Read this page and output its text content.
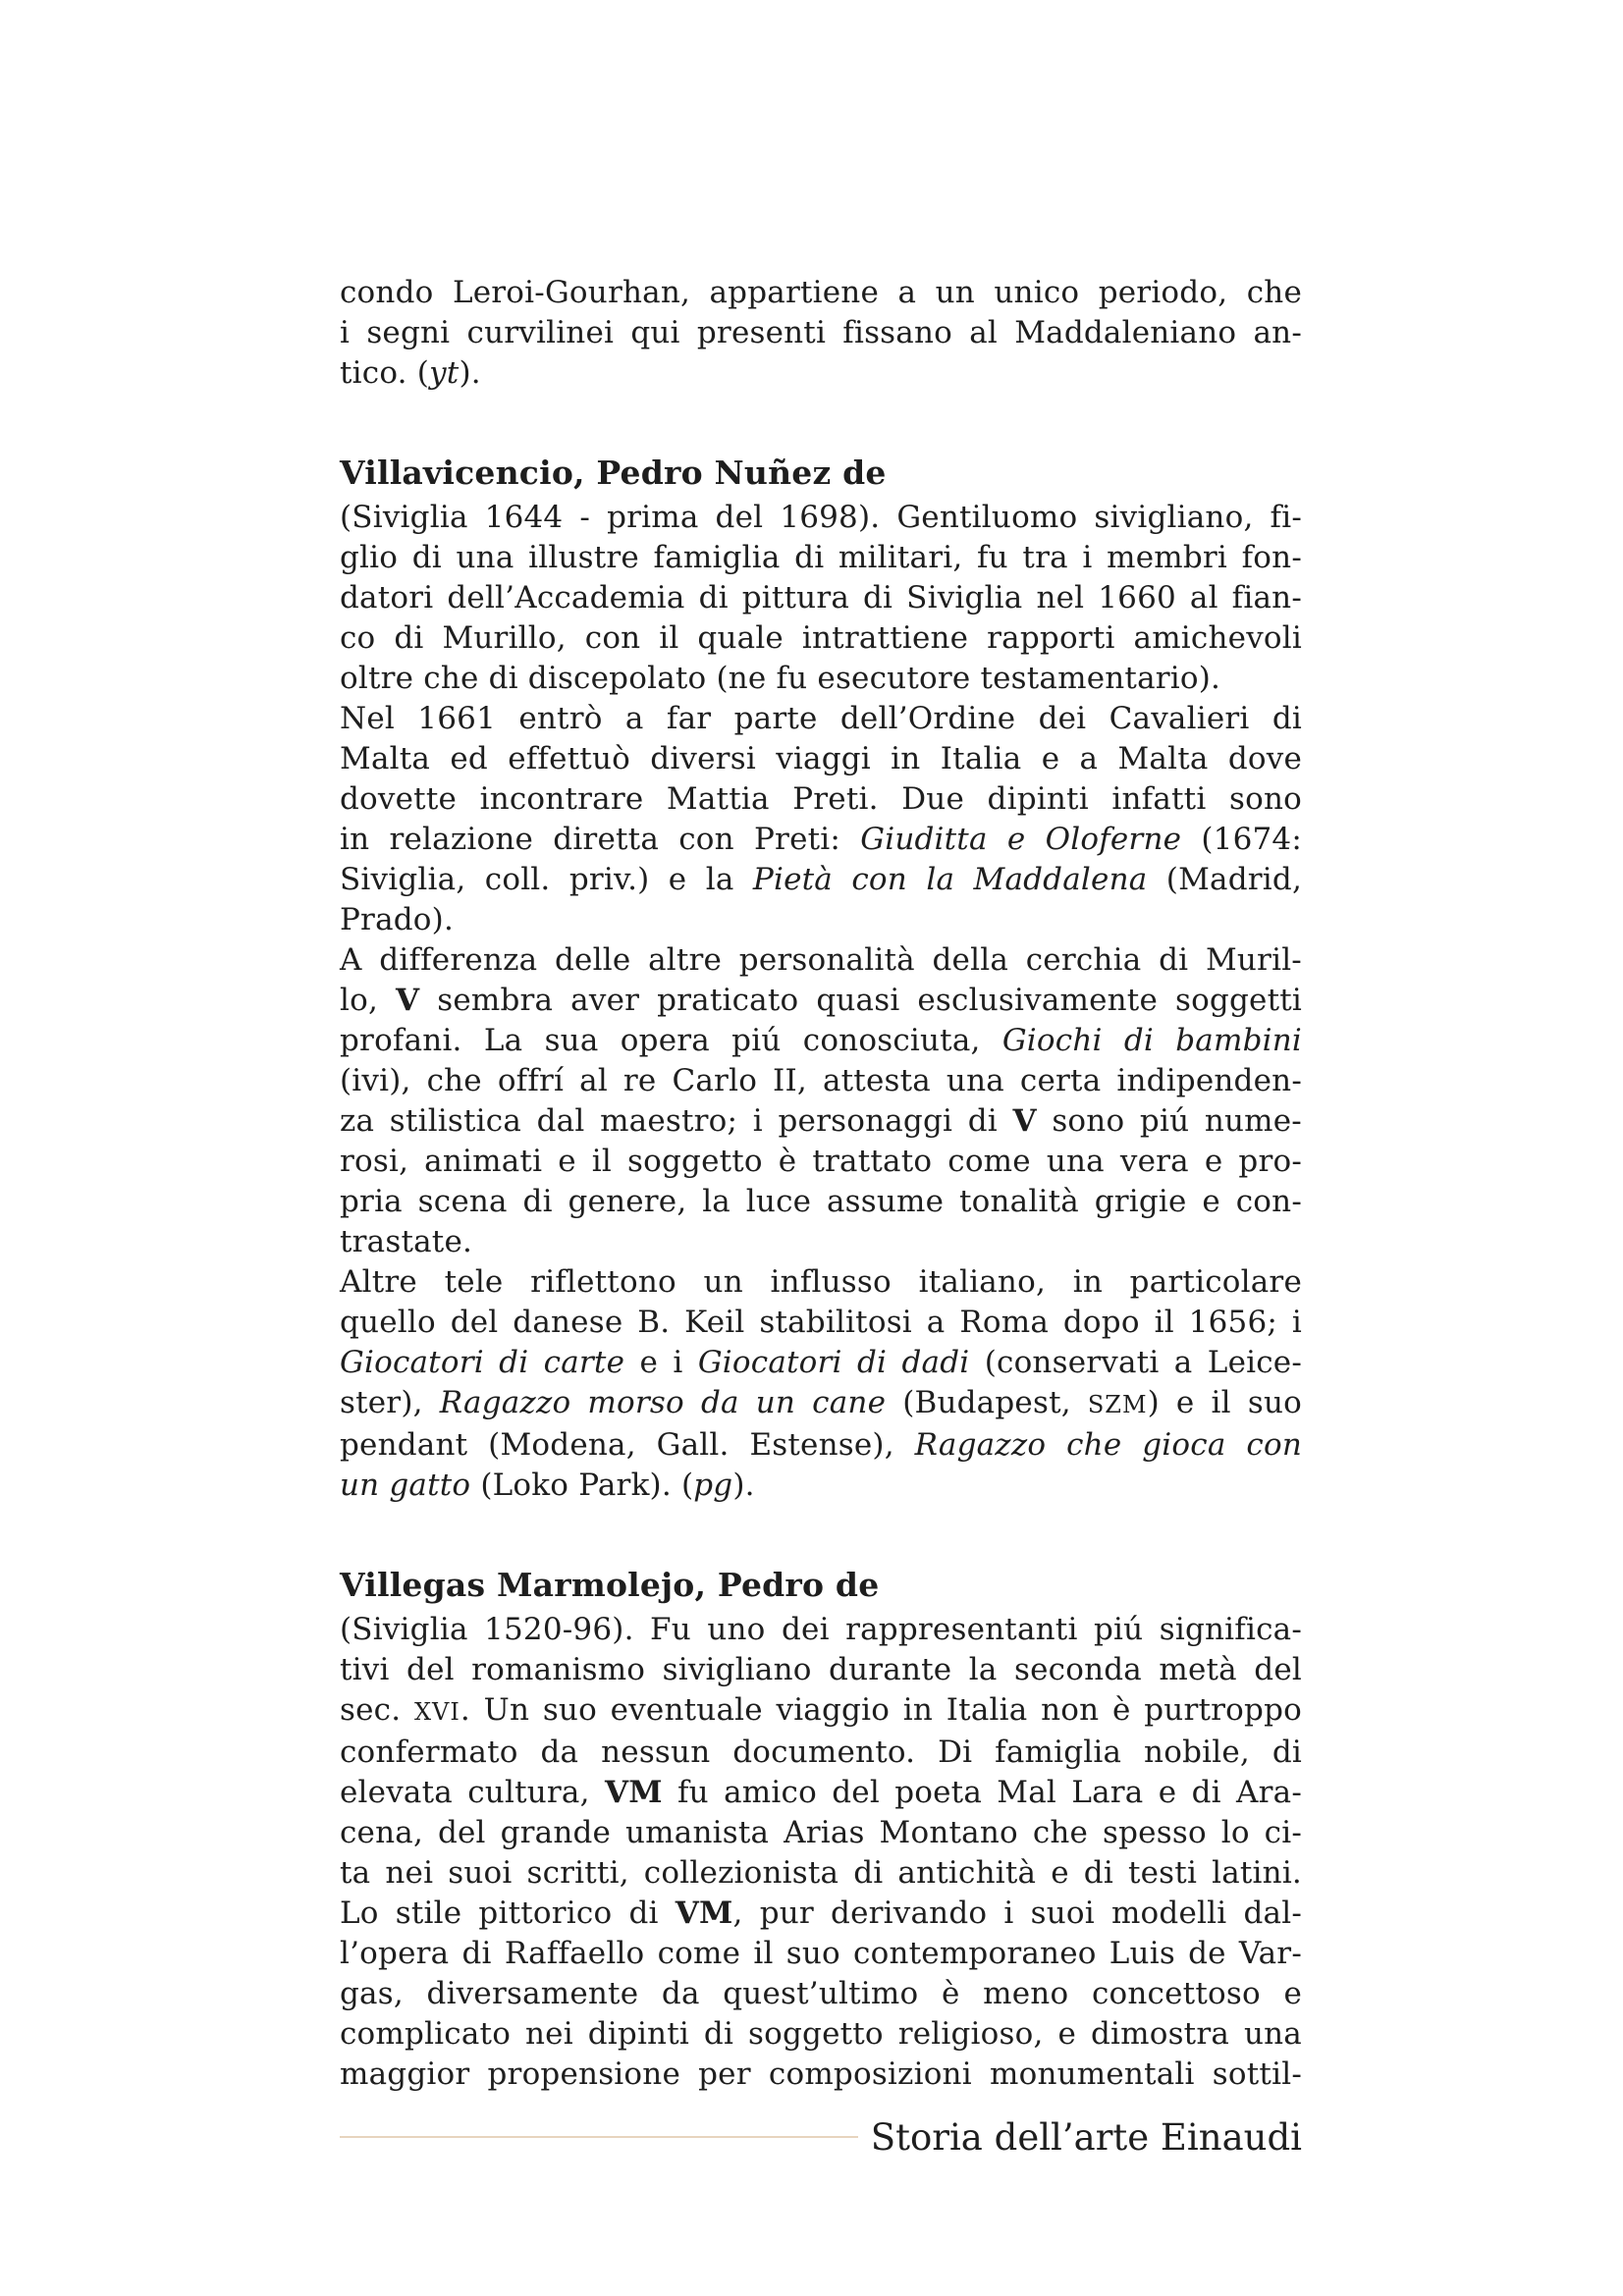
condo Leroi-Gourhan, appartiene a un unico periodo, che
i segni curvilinei qui presenti fissano al Maddaleniano an-
tico. (yt).
Villavicencio, Pedro Nuñez de
(Siviglia 1644 - prima del 1698). Gentiluomo sivigliano, fi-
glio di una illustre famiglia di militari, fu tra i membri fon-
datori dell’Accademia di pittura di Siviglia nel 1660 al fian-
co di Murillo, con il quale intrattiene rapporti amichevoli
oltre che di discepolato (ne fu esecutore testamentario).
Nel 1661 entrò a far parte dell’Ordine dei Cavalieri di
Malta ed effettuò diversi viaggi in Italia e a Malta dove
dovette incontrare Mattia Preti. Due dipinti infatti sono
in relazione diretta con Preti: Giuditta e Oloferne (1674:
Siviglia, coll. priv.) e la Pietà con la Maddalena (Madrid,
Prado).
A differenza delle altre personalità della cerchia di Muril-
lo, V sembra aver praticato quasi esclusivamente soggetti
profani. La sua opera piú conosciuta, Giochi di bambini
(ivi), che offrí al re Carlo II, attesta una certa indipenden-
za stilistica dal maestro; i personaggi di V sono piú nume-
rosi, animati e il soggetto è trattato come una vera e pro-
pria scena di genere, la luce assume tonalità grigie e con-
trastate.
Altre tele riflettono un influsso italiano, in particolare
quello del danese B. Keil stabilitosi a Roma dopo il 1656; i
Giocatori di carte e i Giocatori di dadi (conservati a Leice-
ster), Ragazzo morso da un cane (Budapest, SZM) e il suo
pendant (Modena, Gall. Estense), Ragazzo che gioca con
un gatto (Loko Park). (pg).
Villegas Marmolejo, Pedro de
(Siviglia 1520-96). Fu uno dei rappresentanti piú significa-
tivi del romanismo sivigliano durante la seconda metà del
sec. XVI. Un suo eventuale viaggio in Italia non è purtroppo
confermato da nessun documento. Di famiglia nobile, di
elevata cultura, VM fu amico del poeta Mal Lara e di Ara-
cena, del grande umanista Arias Montano che spesso lo ci-
ta nei suoi scritti, collezionista di antichità e di testi latini.
Lo stile pittorico di VM, pur derivando i suoi modelli dal-
l’opera di Raffaello come il suo contemporaneo Luis de Var-
gas, diversamente da quest’ultimo è meno concettoso e
complicato nei dipinti di soggetto religioso, e dimostra una
maggior propensione per composizioni monumentali sottil-
Storia dell’arte Einaudi
